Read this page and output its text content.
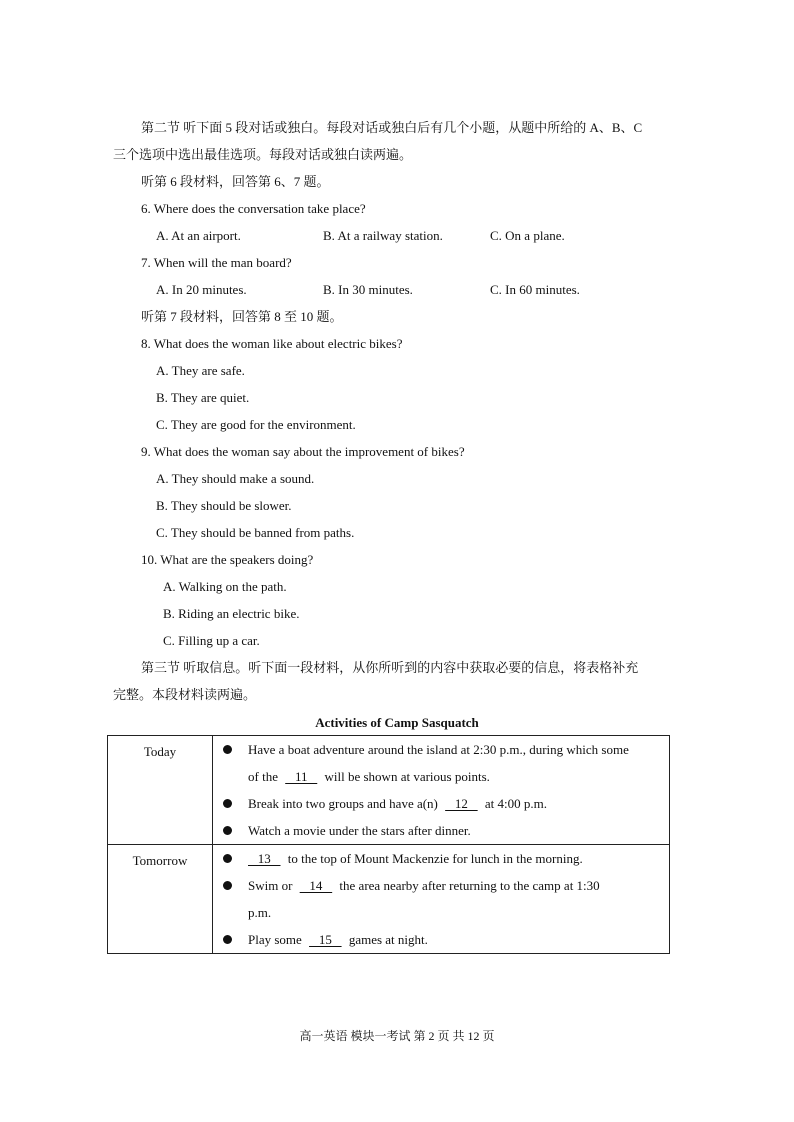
第二节 听下面 5 段对话或独白。每段对话或独白后有几个小题，从题中所给的 A、B、C
三个选项中选出最佳选项。每段对话或独白读两遍。
听第 6 段材料，回答第 6、7 题。
6. Where does the conversation take place?
A. At an airport.	B. At a railway station.	C. On a plane.
7. When will the man board?
A. In 20 minutes.	B. In 30 minutes.	C. In 60 minutes.
听第 7 段材料，回答第 8 至 10 题。
8. What does the woman like about electric bikes?
A. They are safe.
B. They are quiet.
C. They are good for the environment.
9. What does the woman say about the improvement of bikes?
A. They should make a sound.
B. They should be slower.
C. They should be banned from paths.
10. What are the speakers doing?
A. Walking on the path.
B. Riding an electric bike.
C. Filling up a car.
第三节 听取信息。听下面一段材料，从你所听到的内容中获取必要的信息，将表格补充
完整。本段材料读两遍。
Activities of Camp Sasquatch
Today	Have a boat adventure around the island at 2:30 p.m., during which some
of the    11    will be shown at various points.
Break into two groups and have a(n)    12    at 4:00 p.m.
Watch a movie under the stars after dinner.

Tomorrow	13    to the top of Mount Mackenzie for lunch in the morning.
Swim or    14    the area nearby after returning to the camp at 1:30
p.m.
Play some    15    games at night.
高一英语 模块一考试 第 2 页 共 12 页
